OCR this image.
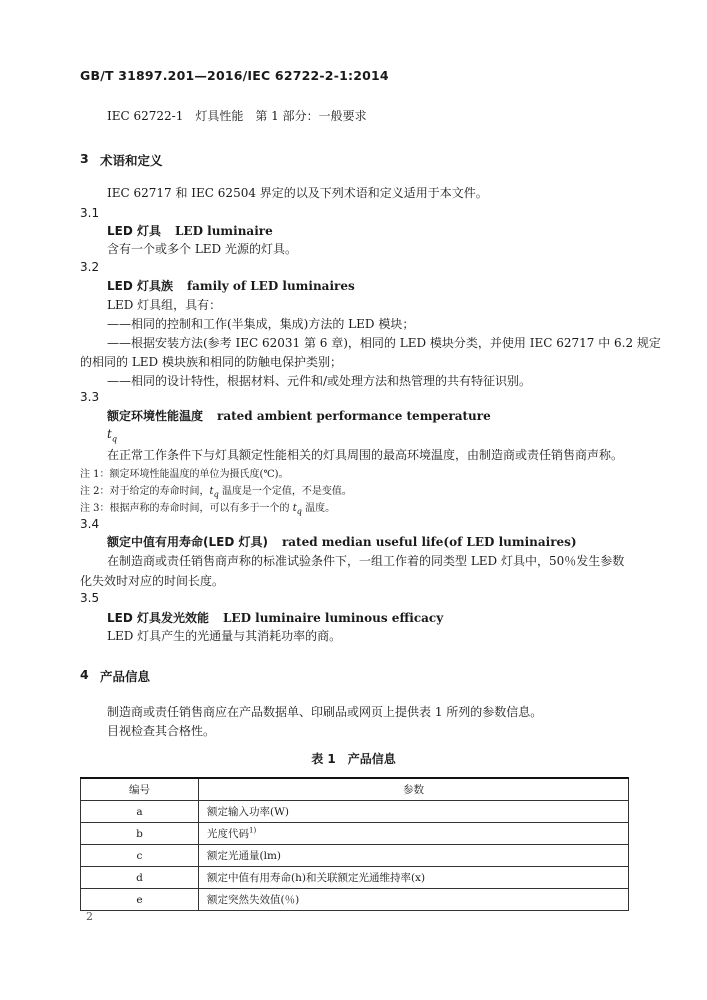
GB/T 31897.201—2016/IEC 62722-2-1:2014
IEC 62722-1　灯具性能　第 1 部分：一般要求
3 术语和定义
IEC 62717 和 IEC 62504 界定的以及下列术语和定义适用于本文件。
3.1
LED 灯具 LED luminaire
含有一个或多个 LED 光源的灯具。
3.2
LED 灯具族 family of LED luminaires
LED 灯具组，具有：
——相同的控制和工作(半集成，集成)方法的 LED 模块；
——根据安装方法(参考 IEC 62031 第 6 章)，相同的 LED 模块分类，并使用 IEC 62717 中 6.2 规定
的相同的 LED 模块族和相同的防触电保护类别；
——相同的设计特性，根据材料、元件和/或处理方法和热管理的共有特征识别。
3.3
额定环境性能温度 rated ambient performance temperature
$t_q$
在正常工作条件下与灯具额定性能相关的灯具周围的最高环境温度，由制造商或责任销售商声称。
注 1：额定环境性能温度的单位为摄氏度(℃)。
注 2：对于给定的寿命时间，$t_q$ 温度是一个定值，不是变值。
注 3：根据声称的寿命时间，可以有多于一个的 $t_q$ 温度。
3.4
额定中值有用寿命(LED 灯具) rated median useful life(of LED luminaires)
在制造商或责任销售商声称的标准试验条件下，一组工作着的同类型 LED 灯具中，50％发生参数
化失效时对应的时间长度。
3.5
LED 灯具发光效能 LED luminaire luminous efficacy
LED 灯具产生的光通量与其消耗功率的商。
4 产品信息
制造商或责任销售商应在产品数据单、印刷品或网页上提供表 1 所列的参数信息。
目视检查其合格性。
表 1　产品信息
编号	参数
a	额定输入功率(W)
b	光度代码$^{1)}$
c	额定光通量(lm)
d	额定中值有用寿命(h)和关联额定光通维持率(x)
e	额定突然失效值(％)
2
